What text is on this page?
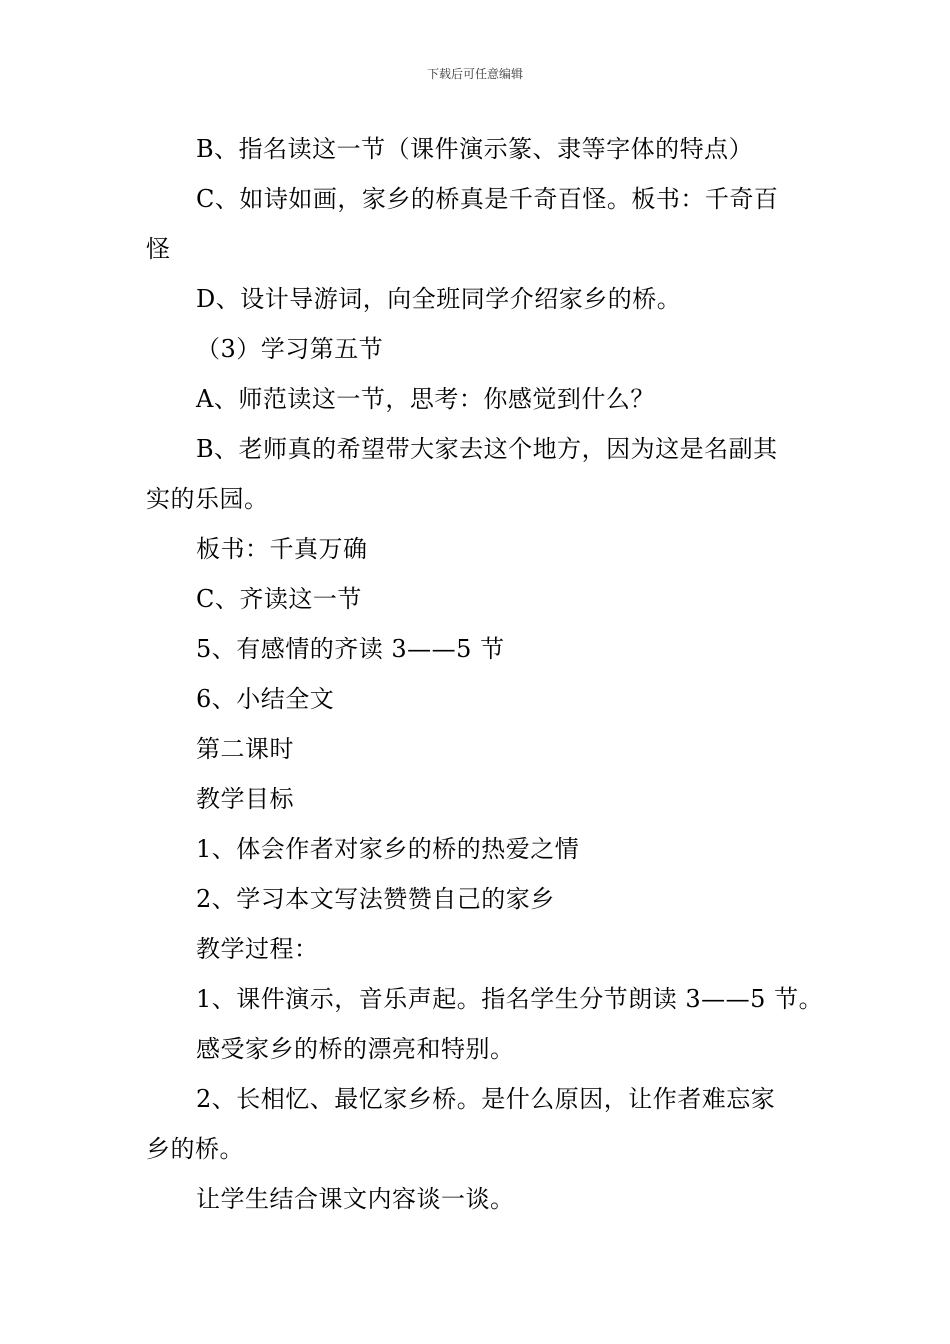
下载后可任意编辑
B、指名读这一节（课件演示篆、隶等字体的特点）
C、如诗如画，家乡的桥真是千奇百怪。板书：千奇百
怪
D、设计导游词，向全班同学介绍家乡的桥。
（3）学习第五节
A、师范读这一节，思考：你感觉到什么？
B、老师真的希望带大家去这个地方，因为这是名副其
实的乐园。
板书：千真万确
C、齐读这一节
5、有感情的齐读 3——5 节
6、小结全文
第二课时
教学目标
1、体会作者对家乡的桥的热爱之情
2、学习本文写法赞赞自己的家乡
教学过程：
1、课件演示，音乐声起。指名学生分节朗读 3——5 节。
感受家乡的桥的漂亮和特别。
2、长相忆、最忆家乡桥。是什么原因，让作者难忘家
乡的桥。
让学生结合课文内容谈一谈。
